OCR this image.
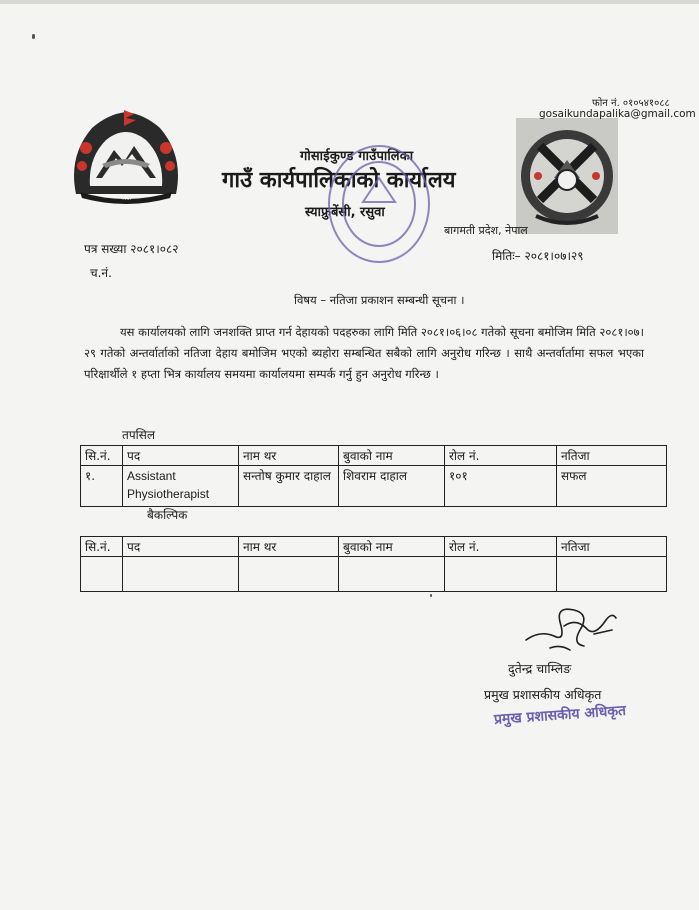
नेपाल
फोन नं. ०१०५४१०८८
gosaikundapalika@gmail.com
गोसाईकुण्ड गाउँपालिका
गाउँ कार्यपालिकाको कार्यालय
स्याफ्रुबेंसी, रसुवा
बागमती प्रदेश, नेपाल
पत्र सख्या २०८१।०८२
च.नं.
मितिः– २०८१।०७।२९
विषय – नतिजा प्रकाशन सम्बन्धी सूचना ।
यस कार्यालयको लागि जनशक्ति प्राप्त गर्न देहायको पदहरुका लागि मिति २०८१।०६।०८ गतेको सूचना बमोजिम मिति २०८१।०७।२९ गतेको अन्तर्वार्ताको नतिजा देहाय बमोजिम भएको ब्यहोरा सम्बन्धित सबैको लागि अनुरोध गरिन्छ । साथै अन्तर्वार्तामा सफल भएका परिक्षार्थीले १ हप्ता भित्र कार्यालय समयमा कार्यालयमा सम्पर्क गर्नु हुन अनुरोध गरिन्छ ।
तपसिल
सि.नं.	पद	नाम थर	बुवाको नाम	रोल नं.	नतिजा
१.	Assistant Physiotherapist	सन्तोष कुमार दाहाल	शिवराम दाहाल	१०१	सफल
बैकल्पिक
सि.नं.	पद	नाम थर	बुवाको नाम	रोल नं.	नतिजा

दुतेन्द्र चाम्लिङ
प्रमुख प्रशासकीय अधिकृत
प्रमुख प्रशासकीय अधिकृत
